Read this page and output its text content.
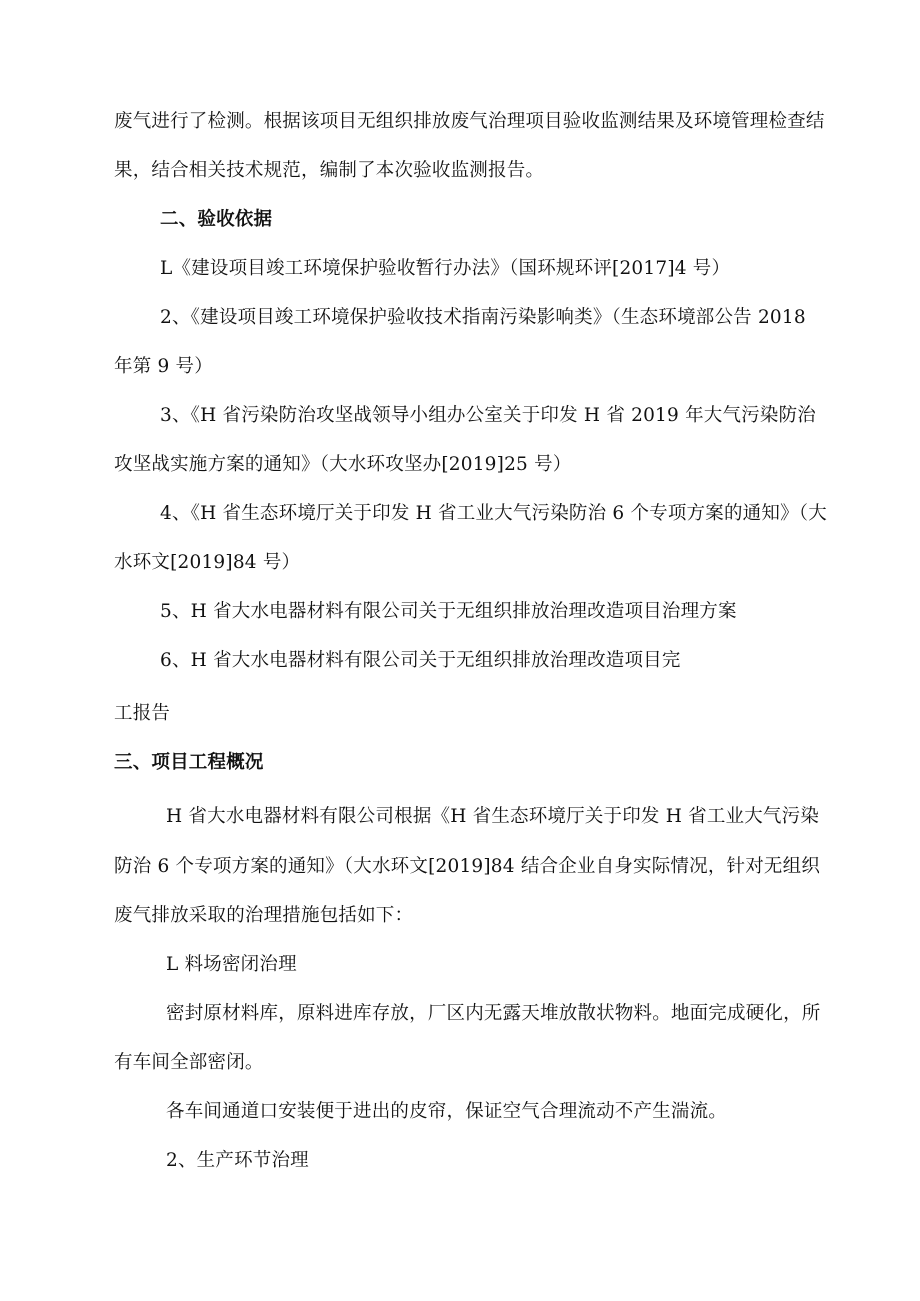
废气进行了检测。根据该项目无组织排放废气治理项目验收监测结果及环境管理检查结
果，结合相关技术规范，编制了本次验收监测报告。
二、验收依据
L《建设项目竣工环境保护验收暂行办法》（国环规环评[2017]4 号）
2、《建设项目竣工环境保护验收技术指南污染影响类》（生态环境部公告 2018
年第 9 号）
3、《H 省污染防治攻坚战领导小组办公室关于印发 H 省 2019 年大气污染防治
攻坚战实施方案的通知》（大水环攻坚办[2019]25 号）
4、《H 省生态环境厅关于印发 H 省工业大气污染防治 6 个专项方案的通知》（大
水环文[2019]84 号）
5、H 省大水电器材料有限公司关于无组织排放治理改造项目治理方案
6、H 省大水电器材料有限公司关于无组织排放治理改造项目完
工报告
三、项目工程概况
H 省大水电器材料有限公司根据《H 省生态环境厅关于印发 H 省工业大气污染
防治 6 个专项方案的通知》（大水环文[2019]84 结合企业自身实际情况，针对无组织
废气排放采取的治理措施包括如下：
L 料场密闭治理
密封原材料库，原料进库存放，厂区内无露天堆放散状物料。地面完成硬化，所
有车间全部密闭。
各车间通道口安装便于进出的皮帘，保证空气合理流动不产生湍流。
2、生产环节治理
